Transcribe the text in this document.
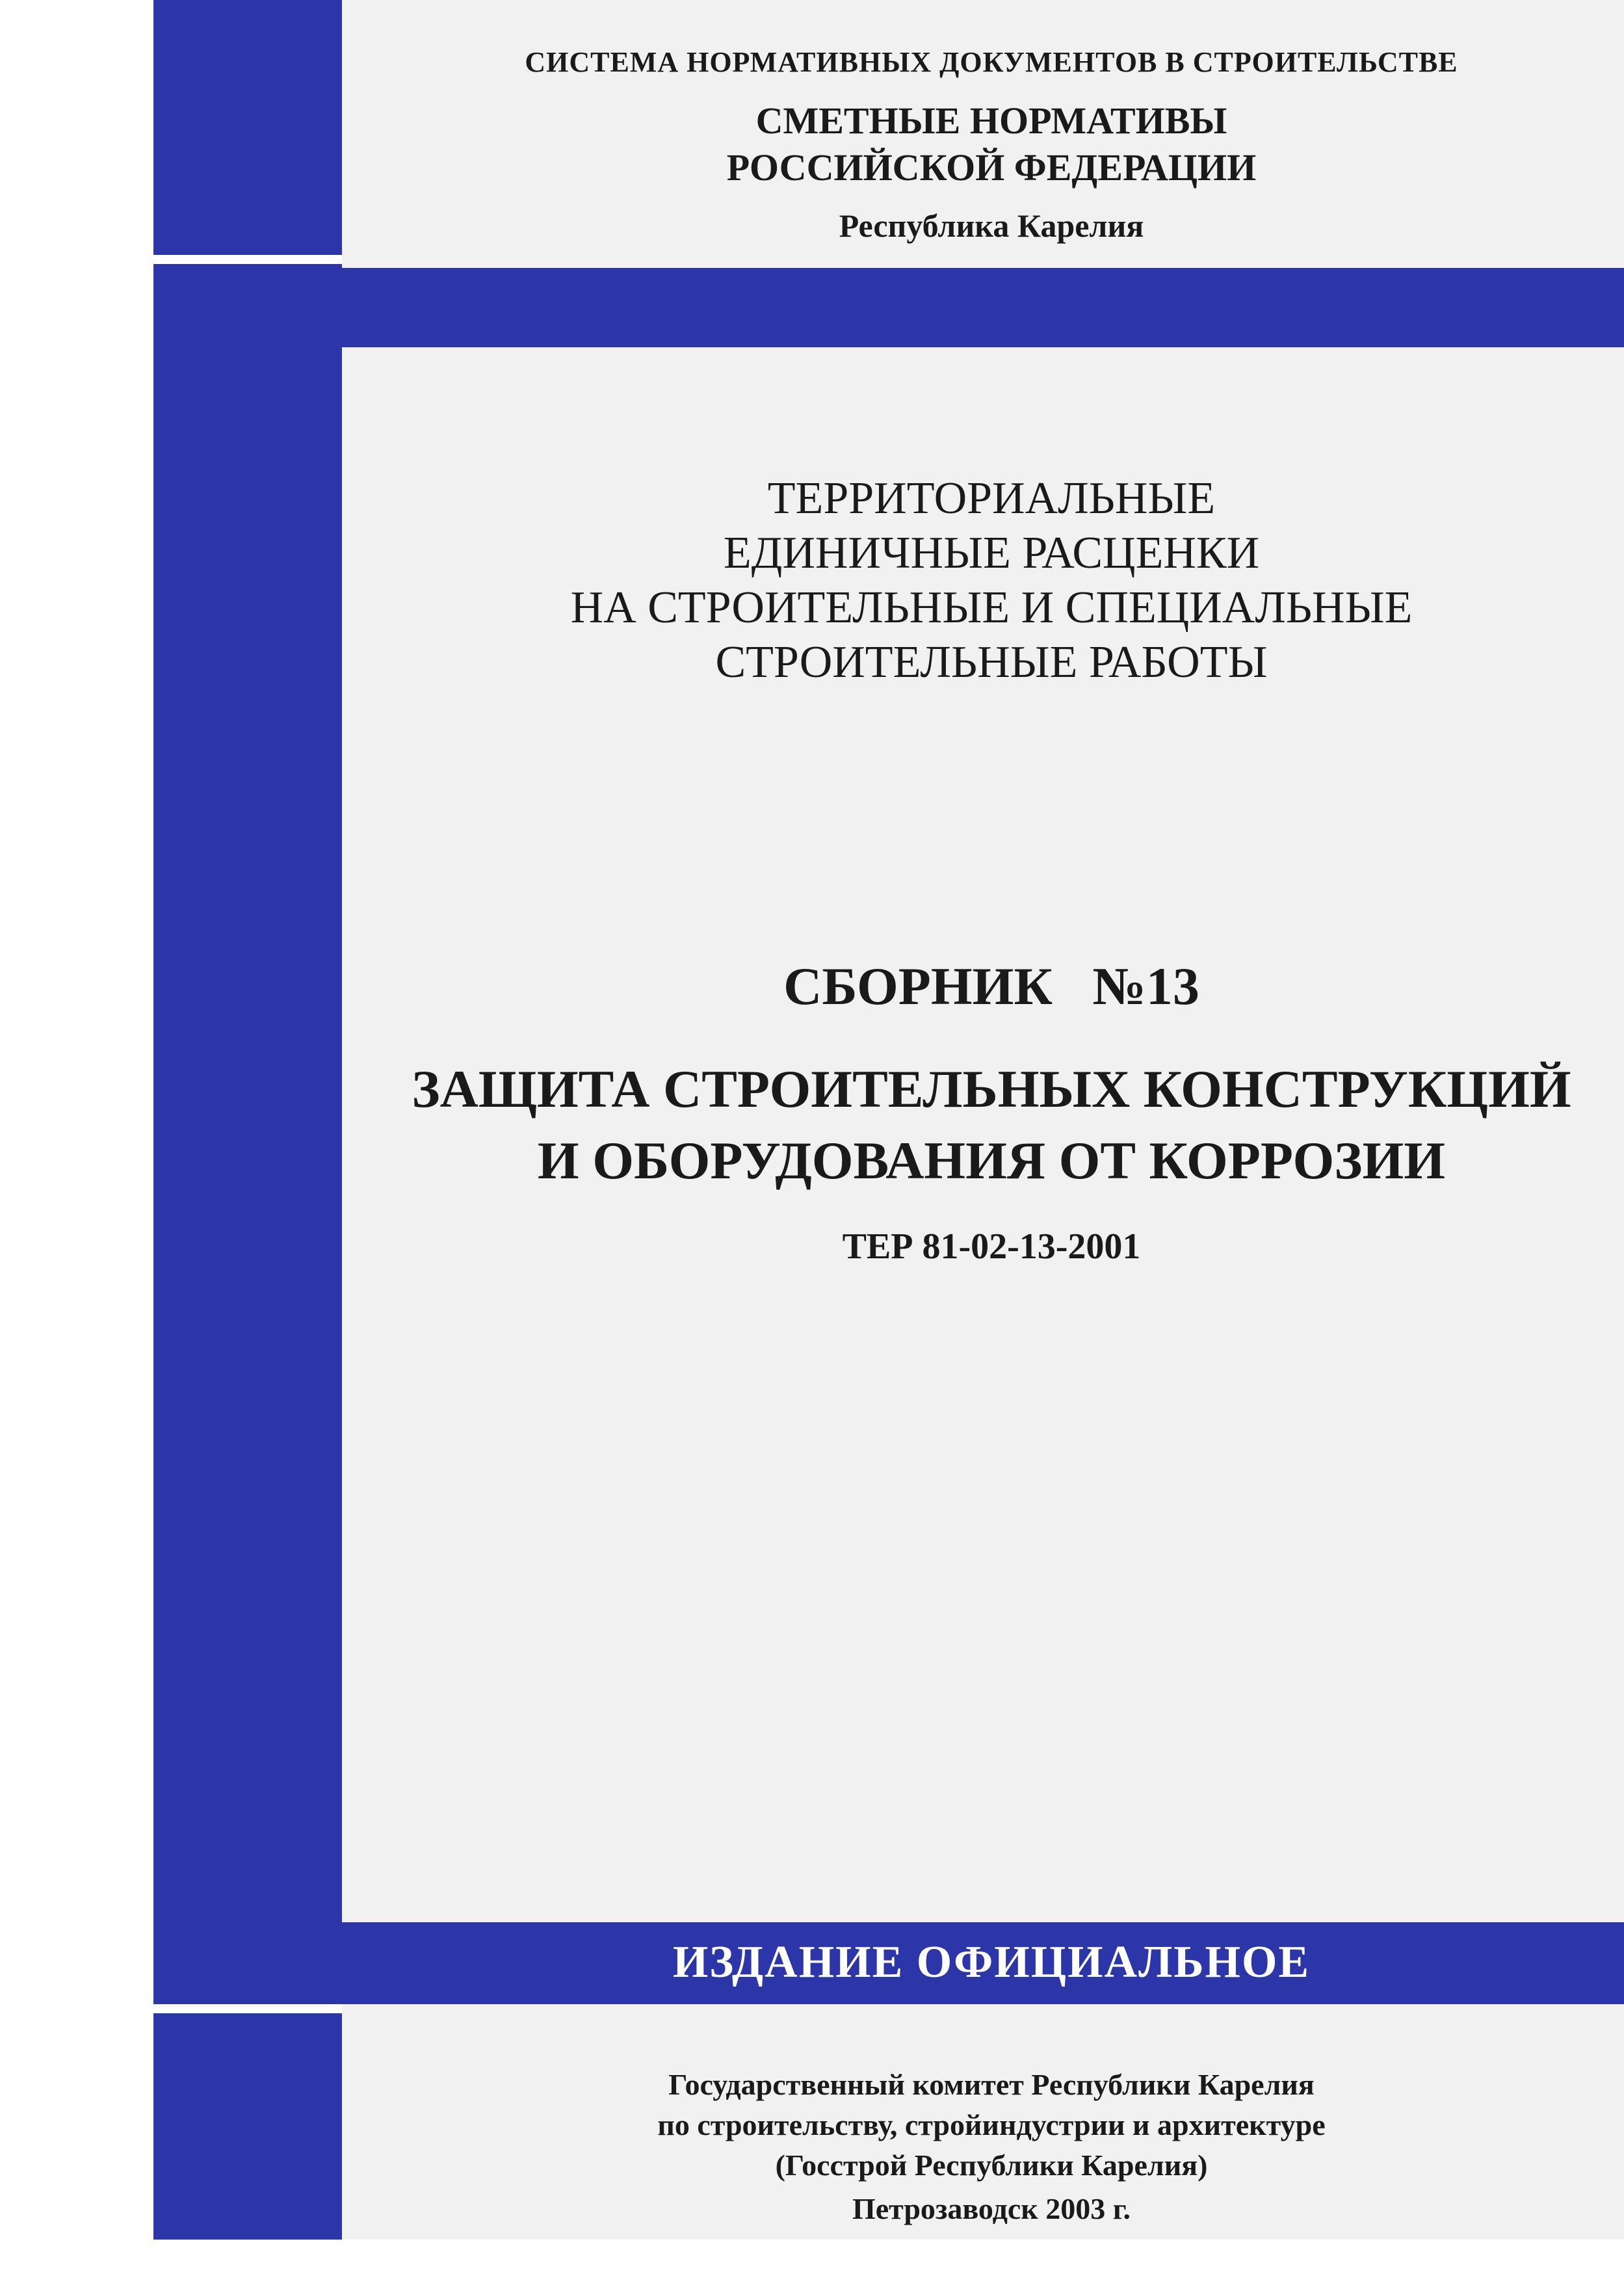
СИСТЕМА НОРМАТИВНЫХ ДОКУМЕНТОВ В СТРОИТЕЛЬСТВЕ
СМЕТНЫЕ НОРМАТИВЫ
РОССИЙСКОЙ ФЕДЕРАЦИИ
Республика Карелия
ТЕРРИТОРИАЛЬНЫЕ
ЕДИНИЧНЫЕ РАСЦЕНКИ
НА СТРОИТЕЛЬНЫЕ И СПЕЦИАЛЬНЫЕ
СТРОИТЕЛЬНЫЕ РАБОТЫ
СБОРНИК   №13
ЗАЩИТА СТРОИТЕЛЬНЫХ КОНСТРУКЦИЙ
И ОБОРУДОВАНИЯ ОТ КОРРОЗИИ
ТЕР 81-02-13-2001
ИЗДАНИЕ ОФИЦИАЛЬНОЕ
Государственный комитет Республики Карелия
по строительству, стройиндустрии и архитектуре
(Госстрой Республики Карелия)
Петрозаводск 2003 г.
